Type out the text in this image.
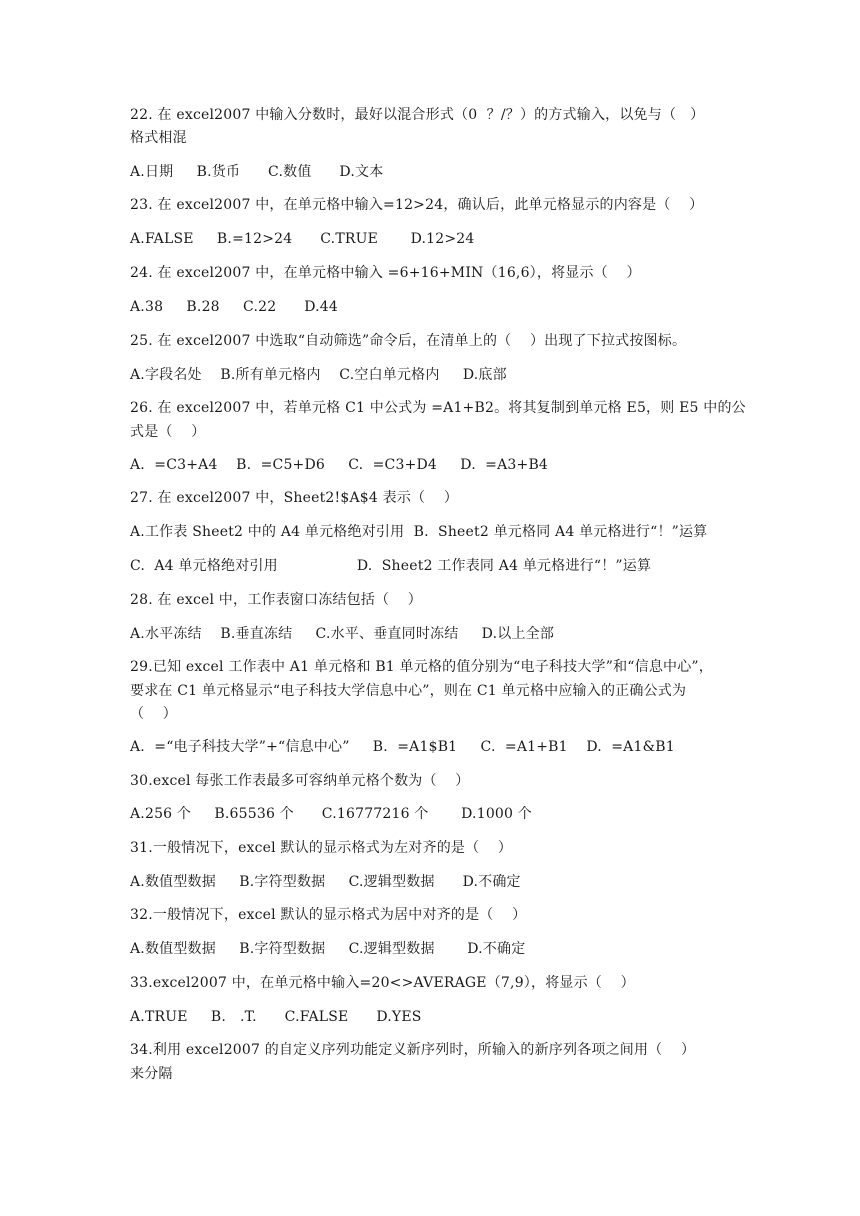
22. 在 excel2007 中输入分数时，最好以混合形式（0  ？/？）的方式输入，以免与（   ）
格式相混
A.日期     B.货币      C.数值      D.文本
23. 在 excel2007 中，在单元格中输入=12>24，确认后，此单元格显示的内容是（    ）
A.FALSE     B.=12>24      C.TRUE       D.12>24
24. 在 excel2007 中，在单元格中输入 =6+16+MIN（16,6），将显示（    ）
A.38     B.28     C.22      D.44
25. 在 excel2007 中选取“自动筛选”命令后，在清单上的（    ）出现了下拉式按图标。
A.字段名处    B.所有单元格内    C.空白单元格内     D.底部
26. 在 excel2007 中，若单元格 C1 中公式为 =A1+B2。将其复制到单元格 E5，则 E5 中的公
式是（    ）
A.  =C3+A4    B.  =C5+D6     C.  =C3+D4     D.  =A3+B4
27. 在 excel2007 中，Sheet2!$A$4 表示（    ）
A.工作表 Sheet2 中的 A4 单元格绝对引用  B.  Sheet2 单元格同 A4 单元格进行“！”运算
C.  A4 单元格绝对引用                 D.  Sheet2 工作表同 A4 单元格进行“！”运算
28. 在 excel 中，工作表窗口冻结包括（    ）
A.水平冻结    B.垂直冻结     C.水平、垂直同时冻结     D.以上全部
29.已知 excel 工作表中 A1 单元格和 B1 单元格的值分别为“电子科技大学”和“信息中心”，
要求在 C1 单元格显示“电子科技大学信息中心”，则在 C1 单元格中应输入的正确公式为
（    ）
A.  =“电子科技大学”+“信息中心”     B.  =A1$B1     C.  =A1+B1    D.  =A1&B1
30.excel 每张工作表最多可容纳单元格个数为（    ）
A.256 个     B.65536 个      C.16777216 个       D.1000 个
31.一般情况下，excel 默认的显示格式为左对齐的是（    ）
A.数值型数据     B.字符型数据     C.逻辑型数据      D.不确定
32.一般情况下，excel 默认的显示格式为居中对齐的是（    ）
A.数值型数据     B.字符型数据     C.逻辑型数据       D.不确定
33.excel2007 中，在单元格中输入=20<>AVERAGE（7,9），将显示（    ）
A.TRUE     B.   .T.      C.FALSE      D.YES
34.利用 excel2007 的自定义序列功能定义新序列时，所输入的新序列各项之间用（    ）
来分隔
